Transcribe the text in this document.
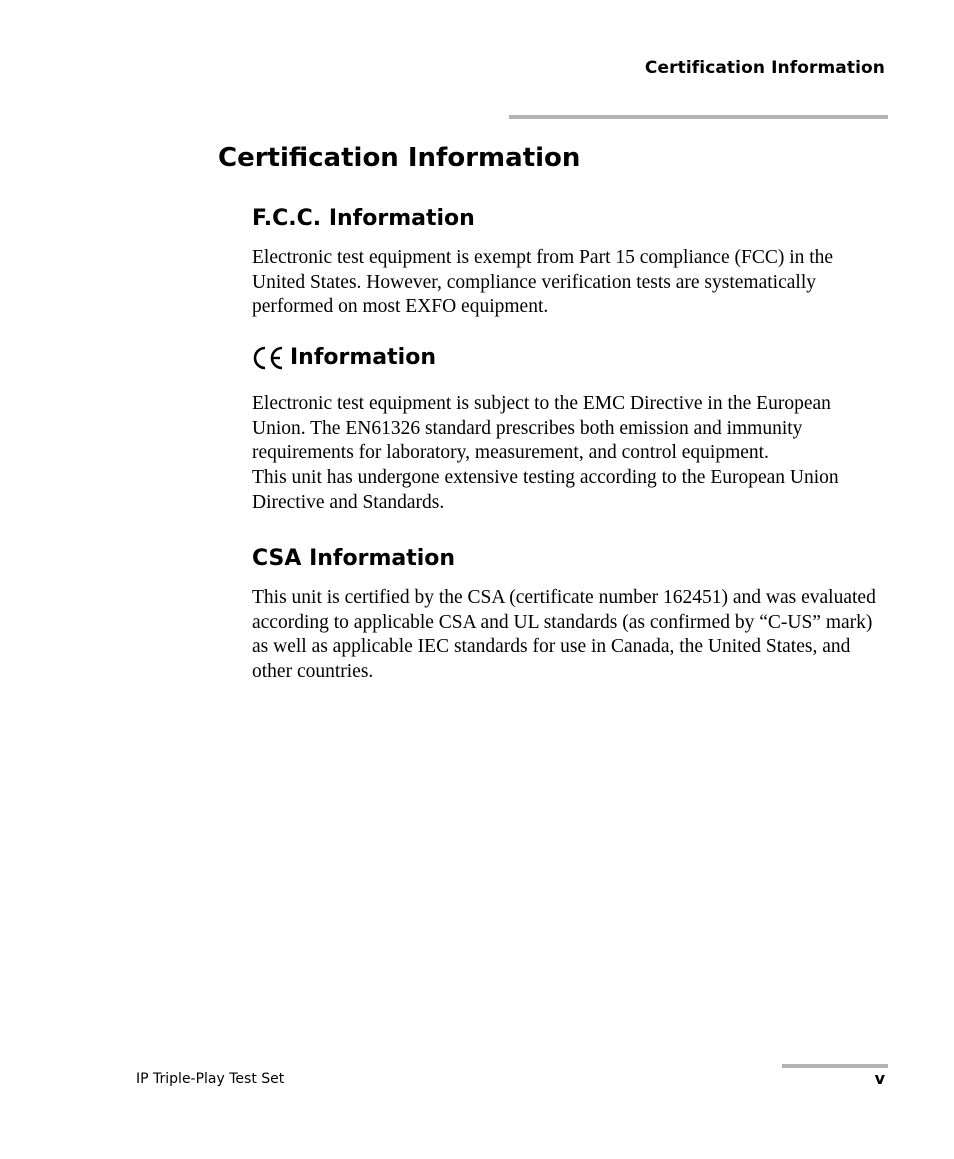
Certification Information
Certification Information
F.C.C. Information

Electronic test equipment is exempt from Part 15 compliance (FCC) in the United States. However, compliance verification tests are systematically performed on most EXFO equipment.

Information

Electronic test equipment is subject to the EMC Directive in the European Union. The EN61326 standard prescribes both emission and immunity requirements for laboratory, measurement, and control equipment.

This unit has undergone extensive testing according to the European Union Directive and Standards.

CSA Information

This unit is certified by the CSA (certificate number 162451) and was evaluated according to applicable CSA and UL standards (as confirmed by “C-US” mark) as well as applicable IEC standards for use in Canada, the United States, and other countries.

IP Triple-Play Test Set	v
